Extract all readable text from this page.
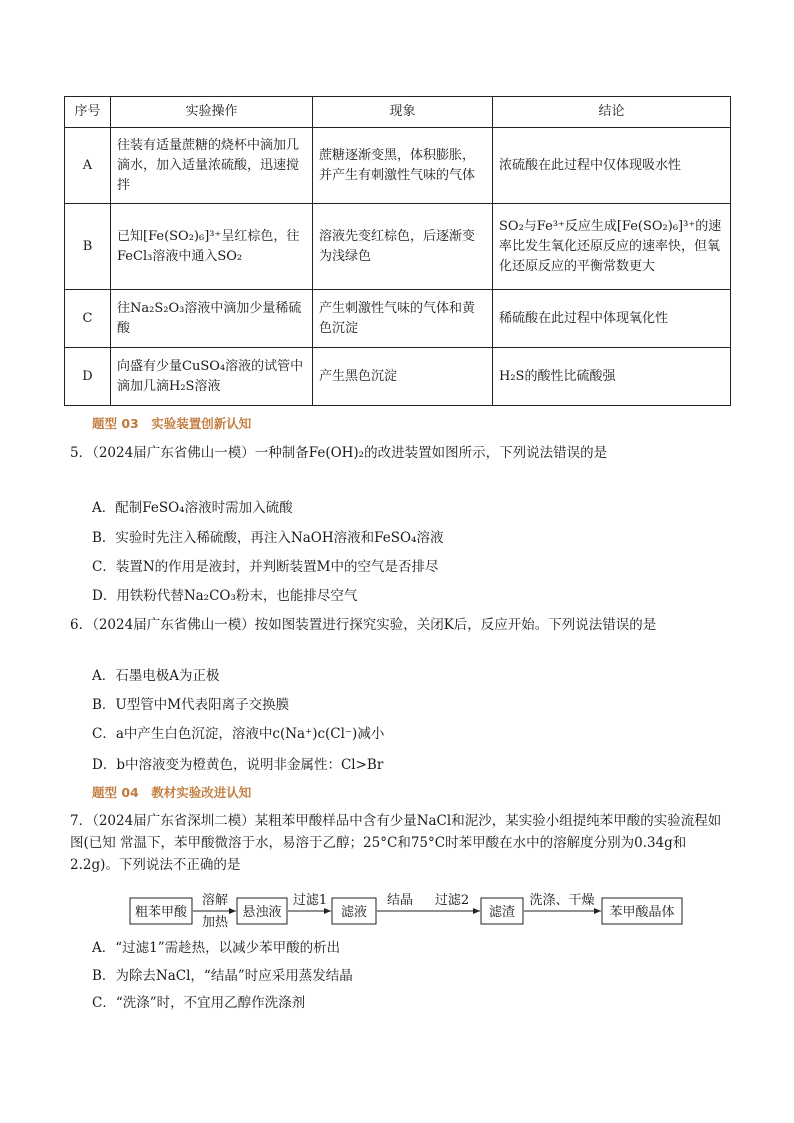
序号	实验操作	现象	结论
A	往装有适量蔗糖的烧杯中滴加几滴水，加入适量浓硫酸，迅速搅拌	蔗糖逐渐变黑，体积膨胀，并产生有刺激性气味的气体	浓硫酸在此过程中仅体现吸水性
B	已知[Fe(SO₂)₆]³⁺呈红棕色，往FeCl₃溶液中通入SO₂	溶液先变红棕色，后逐渐变为浅绿色	SO₂与Fe³⁺反应生成[Fe(SO₂)₆]³⁺的速率比发生氧化还原反应的速率快，但氧化还原反应的平衡常数更大
C	往Na₂S₂O₃溶液中滴加少量稀硫酸	产生刺激性气味的气体和黄色沉淀	稀硫酸在此过程中体现氧化性
D	向盛有少量CuSO₄溶液的试管中滴加几滴H₂S溶液	产生黑色沉淀	H₂S的酸性比硫酸强
题型 03　实验装置创新认知
5．（2024届广东省佛山一模）一种制备Fe(OH)₂的改进装置如图所示，下列说法错误的是
A．配制FeSO₄溶液时需加入硫酸
B．实验时先注入稀硫酸，再注入NaOH溶液和FeSO₄溶液
C．装置N的作用是液封，并判断装置M中的空气是否排尽
D．用铁粉代替Na₂CO₃粉末，也能排尽空气
6．（2024届广东省佛山一模）按如图装置进行探究实验，关闭K后，反应开始。下列说法错误的是
A．石墨电极A为正极
B．U型管中M代表阳离子交换膜
C．a中产生白色沉淀，溶液中c(Na⁺)c(Cl⁻)减小
D．b中溶液变为橙黄色，说明非金属性：Cl>Br
题型 04　教材实验改进认知
7．（2024届广东省深圳二模）某粗苯甲酸样品中含有少量NaCl和泥沙，某实验小组提纯苯甲酸的实验流程如图(已知 常温下，苯甲酸微溶于水，易溶于乙醇；25°C和75°C时苯甲酸在水中的溶解度分别为0.34g和2.2g)。下列说法不正确的是
粗苯甲酸	悬浊液	滤液	滤渣	苯甲酸晶体
溶解
加热
过滤1	结晶 过滤2	洗涤、干燥
A．“过滤1”需趁热，以减少苯甲酸的析出
B．为除去NaCl，“结晶”时应采用蒸发结晶
C．“洗涤”时，不宜用乙醇作洗涤剂
